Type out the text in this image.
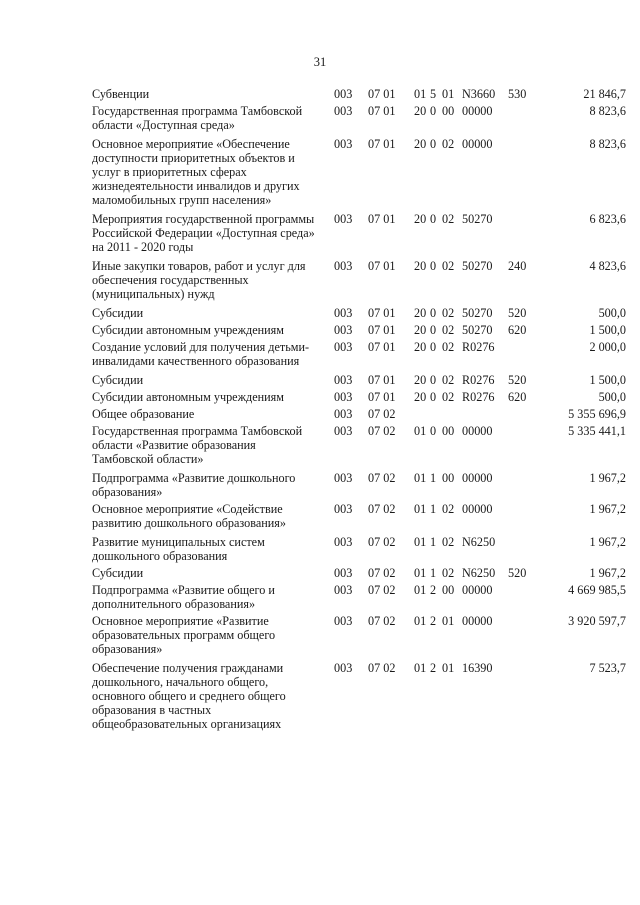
31
Субвенции	003 07 01 01 5 01 N3660 530	21 846,7
Государственная программа Тамбовской области «Доступная среда»
003 07 01 20 0 00 00000	8 823,6
Основное мероприятие «Обеспечение доступности приоритетных объектов и услуг в приоритетных сферах жизнедеятельности инвалидов и других маломобильных групп населения»
003 07 01 20 0 02 00000	8 823,6
Мероприятия государственной программы Российской Федерации «Доступная среда» на 2011 - 2020 годы
003 07 01 20 0 02 50270	6 823,6
Иные закупки товаров, работ и услуг для обеспечения государственных (муниципальных) нужд
003 07 01 20 0 02 50270 240	4 823,6
Субсидии	003 07 01 20 0 02 50270 520	500,0
Субсидии автономным учреждениям	003 07 01 20 0 02 50270 620	1 500,0
Создание условий для получения детьми-инвалидами качественного образования
003 07 01 20 0 02 R0276	2 000,0
Субсидии	003 07 01 20 0 02 R0276 520	1 500,0
Субсидии автономным учреждениям	003 07 01 20 0 02 R0276 620	500,0
Общее образование	003 07 02	5 355 696,9
Государственная программа Тамбовской области «Развитие образования Тамбовской области»
003 07 02 01 0 00 00000	5 335 441,1
Подпрограмма «Развитие дошкольного образования»
003 07 02 01 1 00 00000	1 967,2
Основное мероприятие «Содействие развитию дошкольного образования»
003 07 02 01 1 02 00000	1 967,2
Развитие муниципальных систем дошкольного образования
003 07 02 01 1 02 N6250	1 967,2
Субсидии	003 07 02 01 1 02 N6250 520	1 967,2
Подпрограмма «Развитие общего и дополнительного образования»
003 07 02 01 2 00 00000	4 669 985,5
Основное мероприятие «Развитие образовательных программ общего образования»
003 07 02 01 2 01 00000	3 920 597,7
Обеспечение получения гражданами дошкольного, начального общего, основного общего и среднего общего образования в частных общеобразовательных организациях
003 07 02 01 2 01 16390	7 523,7
